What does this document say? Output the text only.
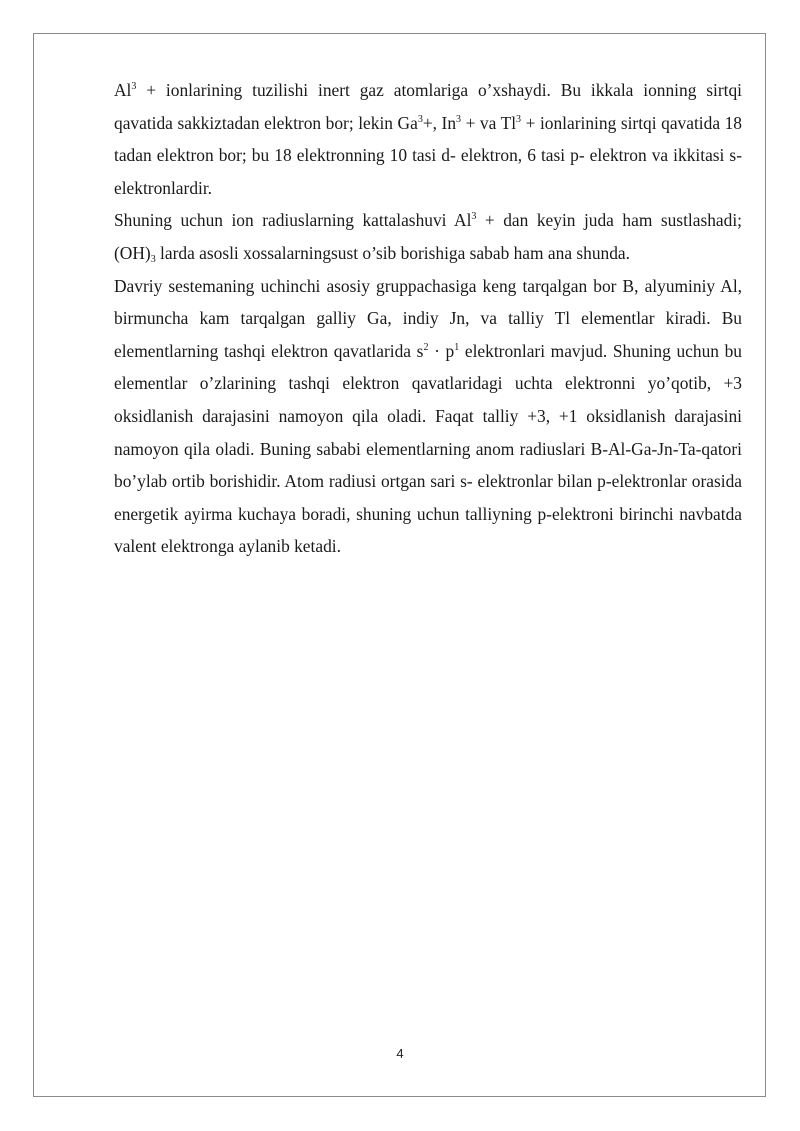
$Al^3$ + ionlarining tuzilishi inert gaz atomlariga o’xshaydi. Bu ikkala ionning sirtqi qavatida sakkiztadan elektron bor; lekin $Ga^3+$, $In^3$ + va $Tl^3$ + ionlarining sirtqi qavatida 18 tadan elektron bor; bu 18 elektronning 10 tasi d- elektron, 6 tasi p- elektron va ikkitasi s- elektronlardir.

Shuning uchun ion radiuslarning kattalashuvi $Al^3$ + dan keyin juda ham sustlashadi; $(OH)_3$ larda asosli xossalarningsust o’sib borishiga sabab ham ana shunda.

Davriy sestemaning uchinchi asosiy gruppachasiga keng tarqalgan bor B, alyuminiy Al, birmuncha kam tarqalgan galliy Ga, indiy Jn, va talliy Tl elementlar kiradi. Bu elementlarning tashqi elektron qavatlarida $s^2 \cdot p^1$ elektronlari mavjud. Shuning uchun bu elementlar o’zlarining tashqi elektron qavatlaridagi uchta elektronni yo’qotib, +3 oksidlanish darajasini namoyon qila oladi. Faqat talliy +3, +1 oksidlanish darajasini namoyon qila oladi. Buning sababi elementlarning anom radiuslari B-Al-Ga-Jn-Ta-qatori bo’ylab ortib borishidir. Atom radiusi ortgan sari s- elektronlar bilan p-elektronlar orasida energetik ayirma kuchaya boradi, shuning uchun talliyning p-elektroni birinchi navbatda valent elektronga aylanib ketadi.

4
